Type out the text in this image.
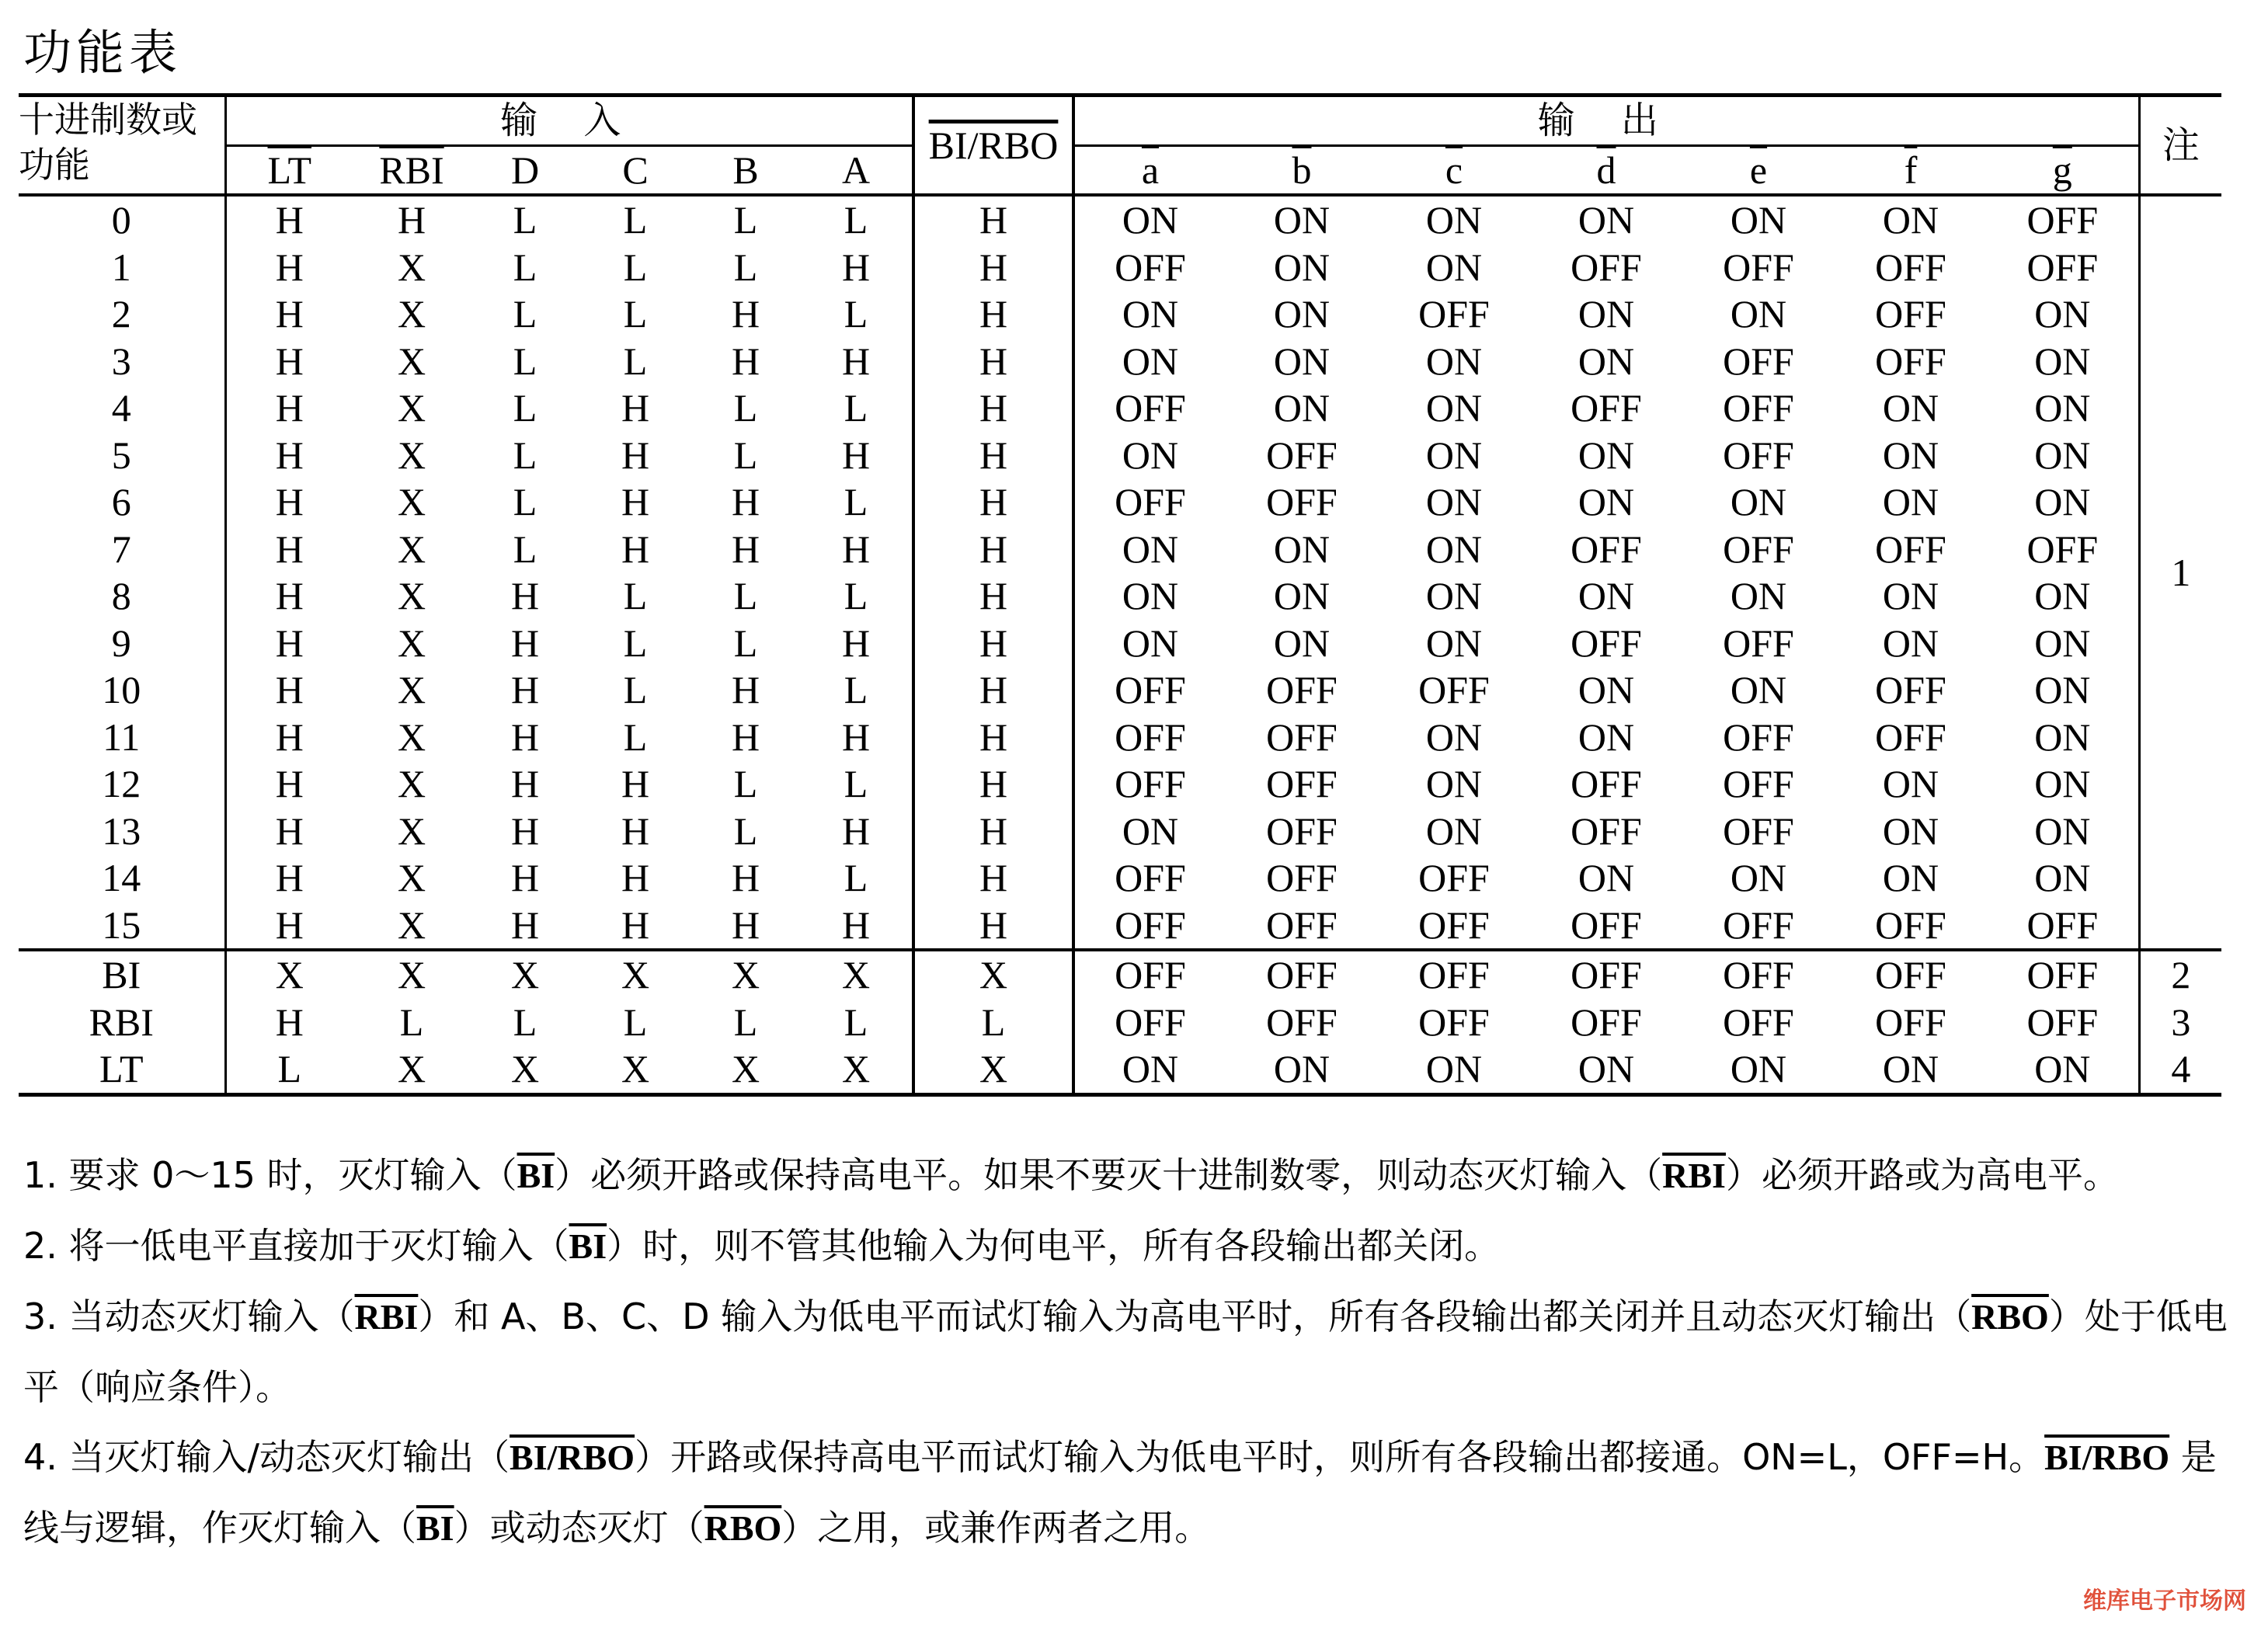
功能表
十进制数或功能	输 入						BI/RBO	输 出							注
	$\overline{LT}$	$\overline{RBI}$	D	C	B	A		$\overline{a}$	$\overline{b}$	$\overline{c}$	$\overline{d}$	$\overline{e}$	$\overline{f}$	$\overline{g}$
0	H	H	L	L	L	L	H	ON	ON	ON	ON	ON	ON	OFF	1
1	H	X	L	L	L	H	H	OFF	ON	ON	OFF	OFF	OFF	OFF	
2	H	X	L	L	H	L	H	ON	ON	OFF	ON	ON	OFF	ON	
3	H	X	L	L	H	H	H	ON	ON	ON	ON	OFF	OFF	ON	
4	H	X	L	H	L	L	H	OFF	ON	ON	OFF	OFF	ON	ON	
5	H	X	L	H	L	H	H	ON	OFF	ON	ON	OFF	ON	ON	
6	H	X	L	H	H	L	H	OFF	OFF	ON	ON	ON	ON	ON	
7	H	X	L	H	H	H	H	ON	ON	ON	OFF	OFF	OFF	OFF	
8	H	X	H	L	L	L	H	ON	ON	ON	ON	ON	ON	ON	
9	H	X	H	L	L	H	H	ON	ON	ON	OFF	OFF	ON	ON	
10	H	X	H	L	H	L	H	OFF	OFF	OFF	ON	ON	OFF	ON	
11	H	X	H	L	H	H	H	OFF	OFF	ON	ON	OFF	OFF	ON	
12	H	X	H	H	L	L	H	OFF	OFF	ON	OFF	OFF	ON	ON	
13	H	X	H	H	L	H	H	ON	OFF	ON	OFF	OFF	ON	ON	
14	H	X	H	H	H	L	H	OFF	OFF	OFF	ON	ON	ON	ON	
15	H	X	H	H	H	H	H	OFF	OFF	OFF	OFF	OFF	OFF	OFF	
BI	X	X	X	X	X	X	X	OFF	OFF	OFF	OFF	OFF	OFF	OFF	2
RBI	H	L	L	L	L	L	L	OFF	OFF	OFF	OFF	OFF	OFF	OFF	3
LT	L	X	X	X	X	X	X	ON	ON	ON	ON	ON	ON	ON	4

1. 要求 0～15 时，灭灯输入$(\overline{BI})$必须开路或保持高电平。如果不要灭十进制数零，则动态灭灯输入$(\overline{RBI})$必须开路或为高电平。

2. 将一低电平直接加于灭灯输入$(\overline{BI})$时，则不管其他输入为何电平，所有各段输出都关闭。

3. 当动态灭灯输入$(\overline{RBI})$和 A、B、C、D 输入为低电平而试灯输入为高电平时，所有各段输出都关闭并且动态灭灯输出$(\overline{RBO})$处于低电平（响应条件）。

4. 当灭灯输入/动态灭灯输出（BI/RBO）开路或保持高电平而试灯输入为低电平时，则所有各段输出都接通。ON=L，OFF=H。BI/RBO 是线与逻辑，作灭灯输入$(\overline{BI})$或动态灭灯$(\overline{RBO})$之用，或兼作两者之用。

维库电子市场网
